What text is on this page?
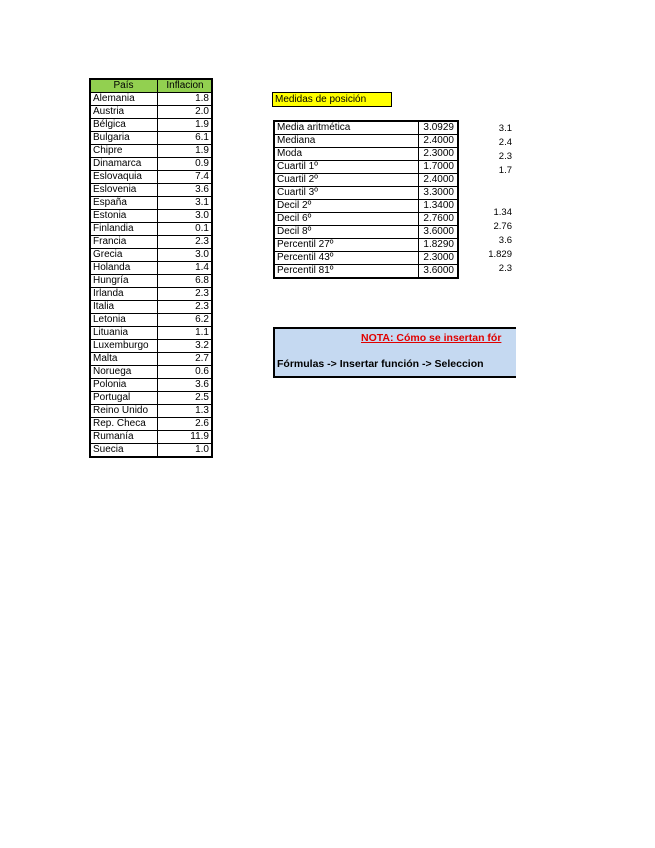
País	Inflacion
Alemania	1.8
Austria	2.0
Bélgica	1.9
Bulgaria	6.1
Chipre	1.9
Dinamarca	0.9
Eslovaquia	7.4
Eslovenia	3.6
España	3.1
Estonia	3.0
Finlandia	0.1
Francia	2.3
Grecia	3.0
Holanda	1.4
Hungría	6.8
Irlanda	2.3
Italia	2.3
Letonia	6.2
Lituania	1.1
Luxemburgo	3.2
Malta	2.7
Noruega	0.6
Polonia	3.6
Portugal	2.5
Reino Unido	1.3
Rep. Checa	2.6
Rumanía	11.9
Suecia	1.0
Medidas de posición
Media aritmética	3.0929
Mediana	2.4000
Moda	2.3000
Cuartil 1º	1.7000
Cuartil 2º	2.4000
Cuartil 3º	3.3000
Decil 2º	1.3400
Decil 6º	2.7600
Decil 8º	3.6000
Percentil 27º	1.8290
Percentil 43º	2.3000
Percentil 81º	3.6000
3.1
2.4
2.3
1.7
1.34
2.76
3.6
1.829
2.3
NOTA: Cómo se insertan fór
Fórmulas -> Insertar función -> Seleccion
